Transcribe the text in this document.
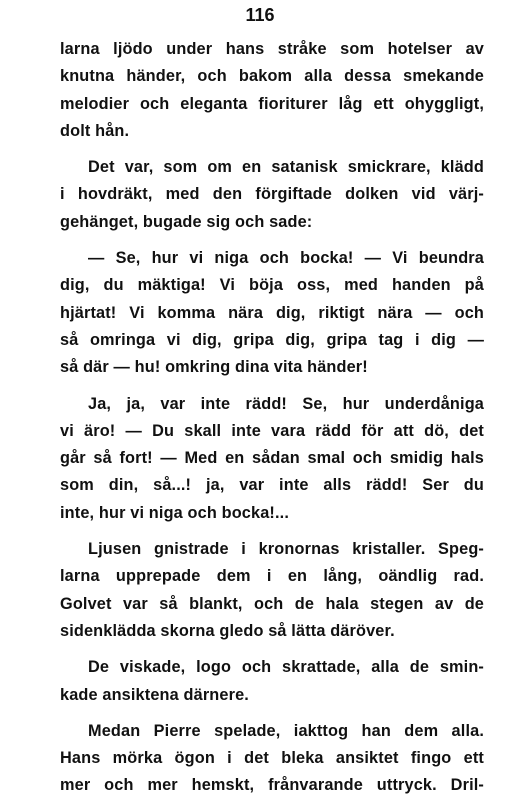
116
larna ljödo under hans stråke som hotelser av
knutna händer, och bakom alla dessa smekande
melodier och eleganta fioriturer låg ett ohyggligt,
dolt hån.
Det var, som om en satanisk smickrare, klädd
i hovdräkt, med den förgiftade dolken vid värj-
gehänget, bugade sig och sade:
— Se, hur vi niga och bocka! — Vi beundra
dig, du mäktiga! Vi böja oss, med handen på
hjärtat! Vi komma nära dig, riktigt nära — och
så omringa vi dig, gripa dig, gripa tag i dig —
så där — hu! omkring dina vita händer!
Ja, ja, var inte rädd! Se, hur underdåniga
vi äro! — Du skall inte vara rädd för att dö, det
går så fort! — Med en sådan smal och smidig hals
som din, så...! ja, var inte alls rädd! Ser du
inte, hur vi niga och bocka!...
Ljusen gnistrade i kronornas kristaller. Speg-
larna upprepade dem i en lång, oändlig rad.
Golvet var så blankt, och de hala stegen av de
sidenklädda skorna gledo så lätta däröver.
De viskade, logo och skrattade, alla de smin-
kade ansiktena därnere.
Medan Pierre spelade, iakttog han dem alla.
Hans mörka ögon i det bleka ansiktet fingo ett
mer och mer hemskt, frånvarande uttryck. Dril-
